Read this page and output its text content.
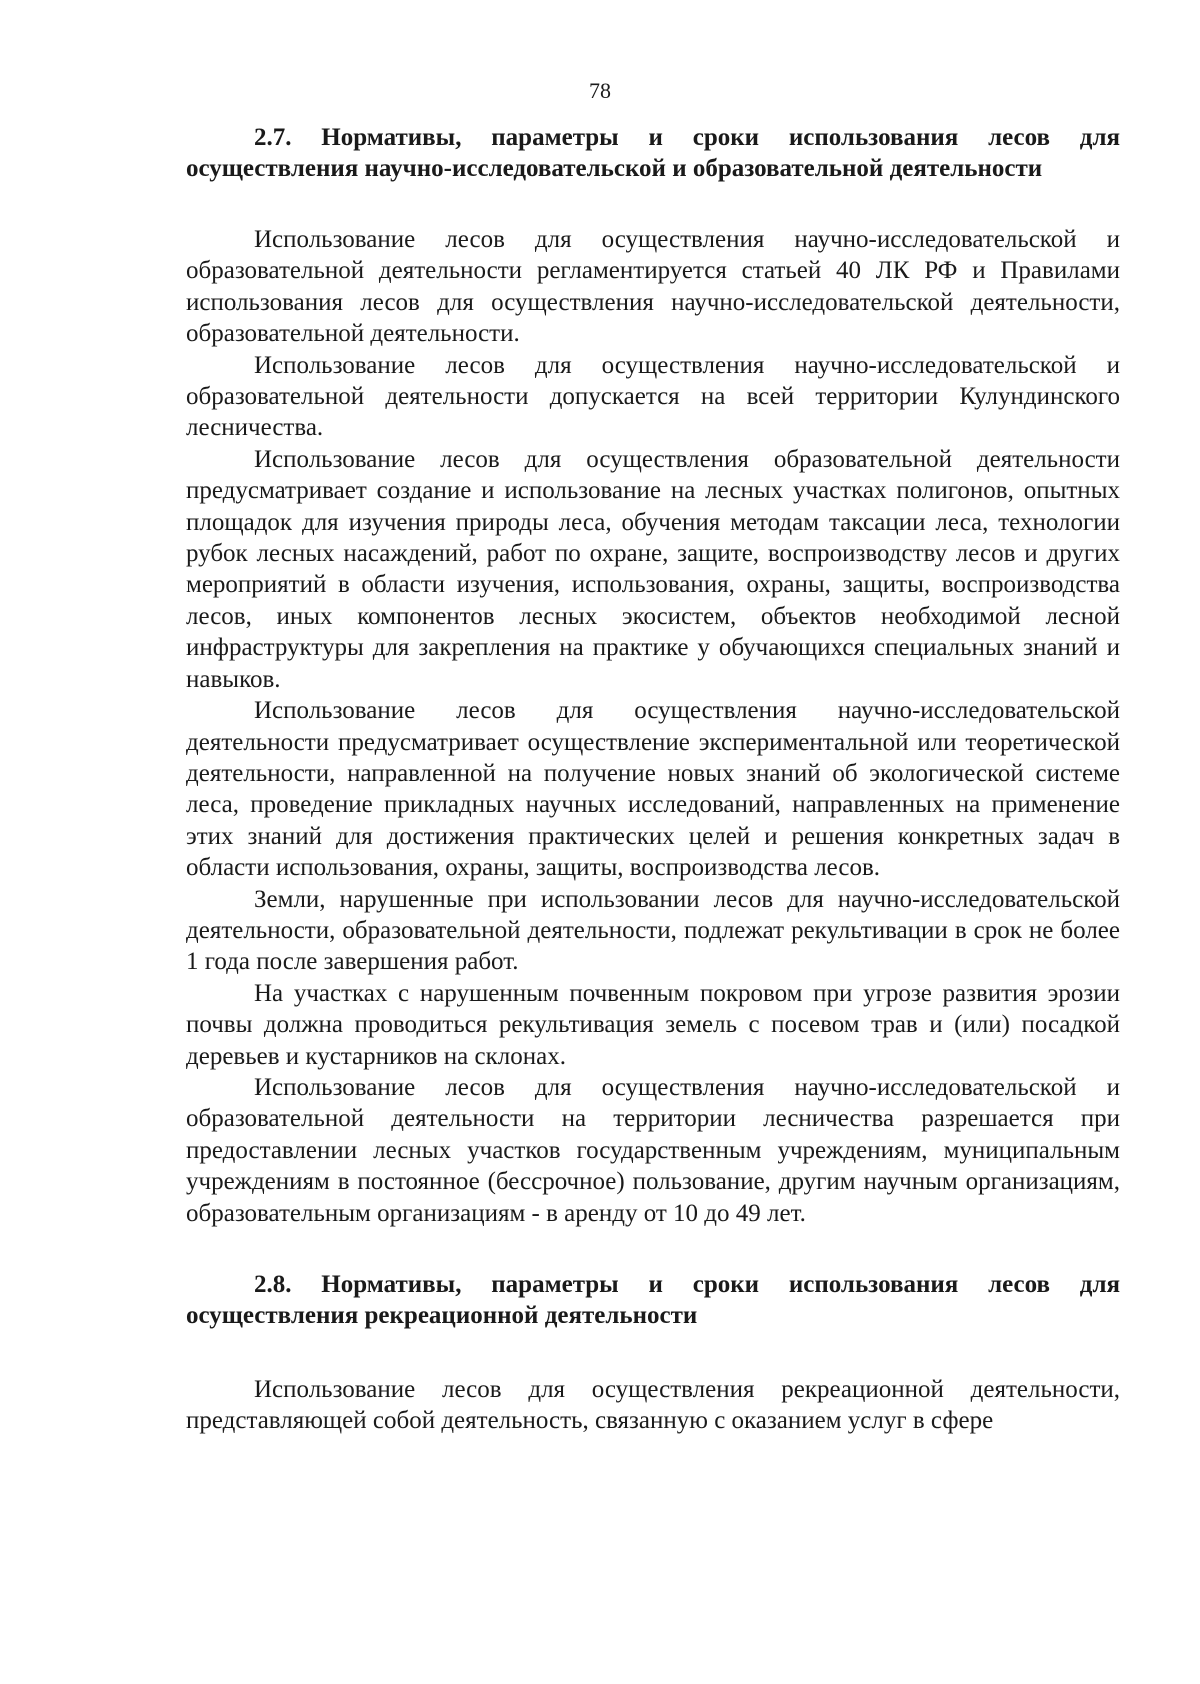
78
2.7. Нормативы, параметры и сроки использования лесов для осуществления научно-исследовательской и образовательной деятельности

Использование лесов для осуществления научно-исследовательской и образовательной деятельности регламентируется статьей 40 ЛК РФ и Правилами использования лесов для осуществления научно-исследовательской деятельности, образовательной деятельности.

Использование лесов для осуществления научно-исследовательской и образовательной деятельности допускается на всей территории Кулундинского лесничества.

Использование лесов для осуществления образовательной деятельности предусматривает создание и использование на лесных участках полигонов, опытных площадок для изучения природы леса, обучения методам таксации леса, технологии рубок лесных насаждений, работ по охране, защите, воспроизводству лесов и других мероприятий в области изучения, использования, охраны, защиты, воспроизводства лесов, иных компонентов лесных экосистем, объектов необходимой лесной инфраструктуры для закрепления на практике у обучающихся специальных знаний и навыков.

Использование лесов для осуществления научно-исследовательской деятельности предусматривает осуществление экспериментальной или теоретической деятельности, направленной на получение новых знаний об экологической системе леса, проведение прикладных научных исследований, направленных на применение этих знаний для достижения практических целей и решения конкретных задач в области использования, охраны, защиты, воспроизводства лесов.

Земли, нарушенные при использовании лесов для научно-исследовательской деятельности, образовательной деятельности, подлежат рекультивации в срок не более 1 года после завершения работ.

На участках с нарушенным почвенным покровом при угрозе развития эрозии почвы должна проводиться рекультивация земель с посевом трав и (или) посадкой деревьев и кустарников на склонах.

Использование лесов для осуществления научно-исследовательской и образовательной деятельности на территории лесничества разрешается при предоставлении лесных участков государственным учреждениям, муниципальным учреждениям в постоянное (бессрочное) пользование, другим научным организациям, образовательным организациям - в аренду от 10 до 49 лет.

2.8. Нормативы, параметры и сроки использования лесов для осуществления рекреационной деятельности

Использование лесов для осуществления рекреационной деятельности, представляющей собой деятельность, связанную с оказанием услуг в сфере
